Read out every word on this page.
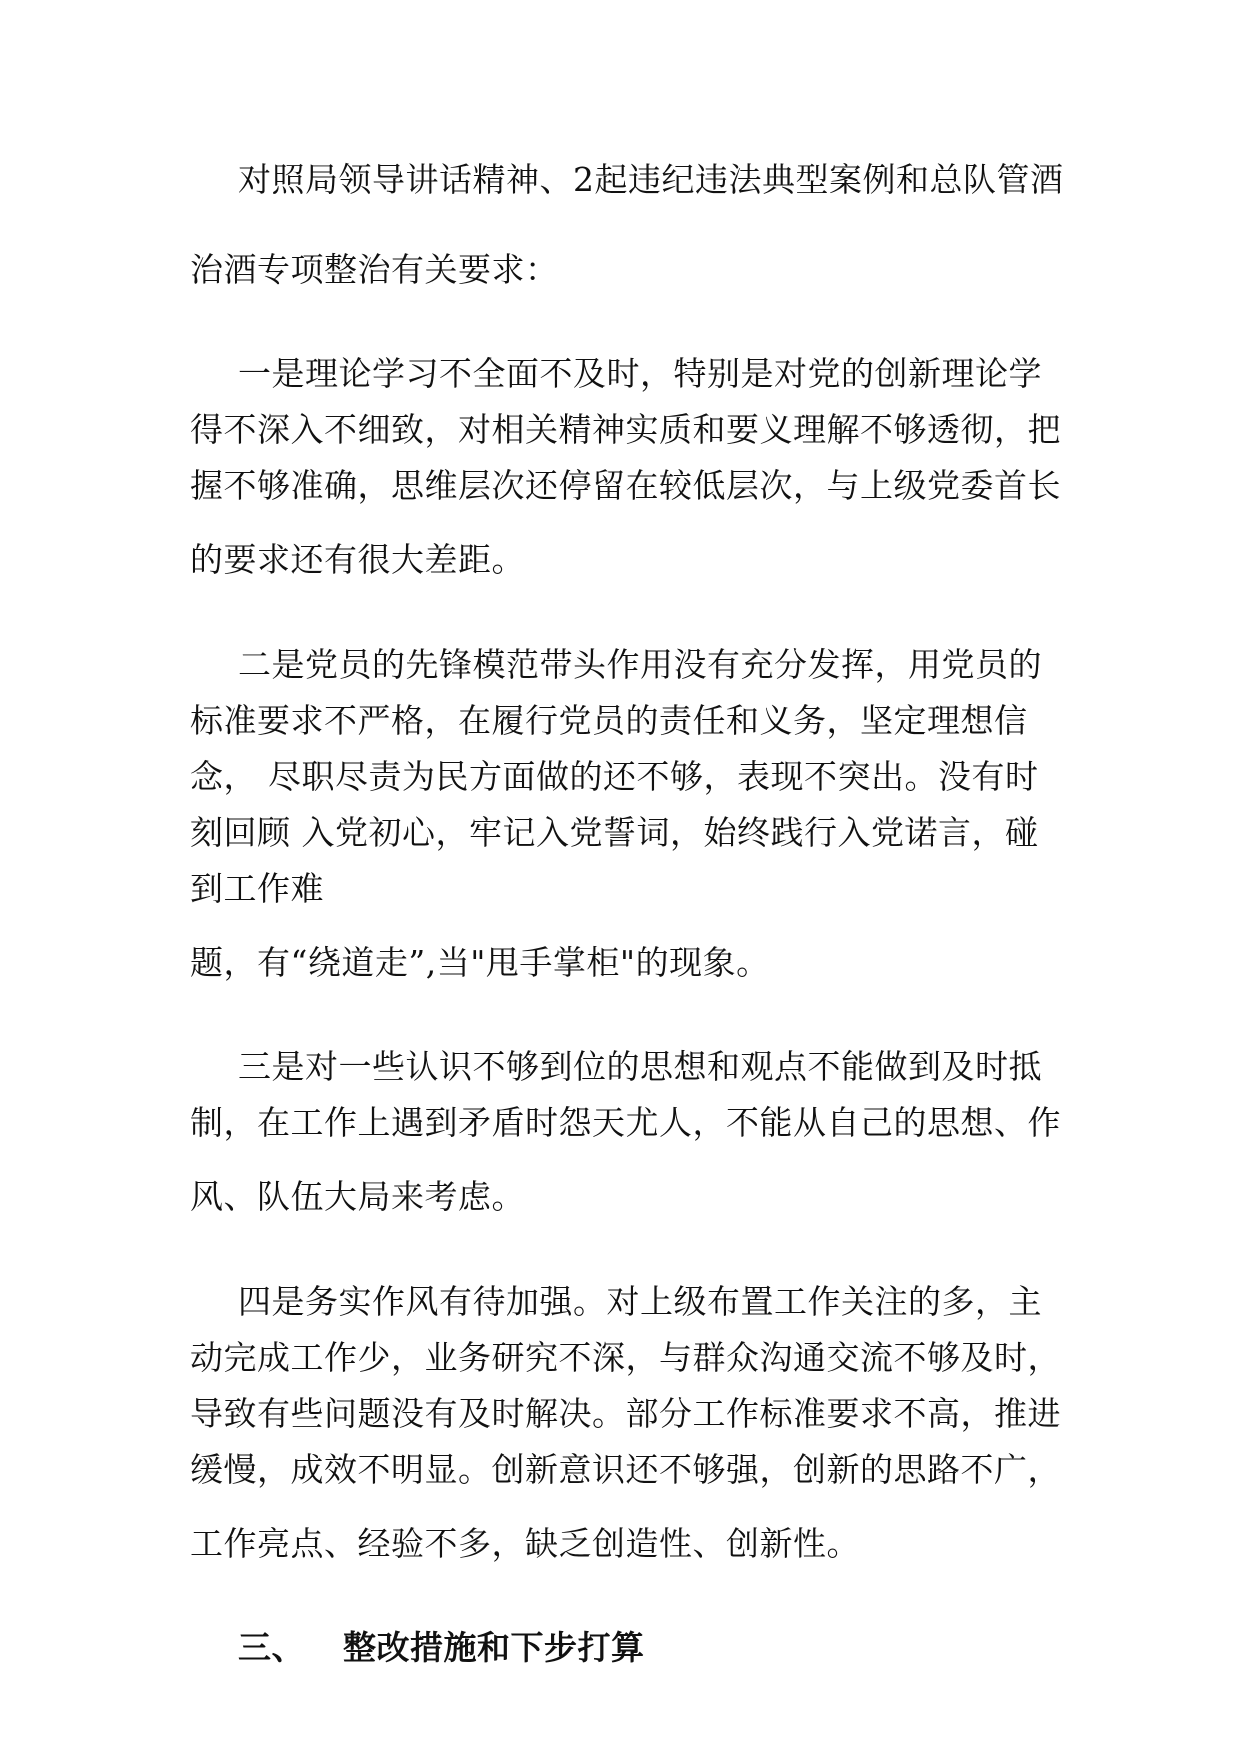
对照局领导讲话精神、2起违纪违法典型案例和总队管酒

治酒专项整治有关要求：

一是理论学习不全面不及时，特别是对党的创新理论学

得不深入不细致，对相关精神实质和要义理解不够透彻，把

握不够准确，思维层次还停留在较低层次，与上级党委首长

的要求还有很大差距。

二是党员的先锋模范带头作用没有充分发挥，用党员的

标准要求不严格，在履行党员的责任和义务，坚定理想信

念， 尽职尽责为民方面做的还不够，表现不突出。没有时

刻回顾 入党初心，牢记入党誓词，始终践行入党诺言，碰

到工作难

题，有“绕道走”,当"甩手掌柜"的现象。

三是对一些认识不够到位的思想和观点不能做到及时抵

制，在工作上遇到矛盾时怨天尤人，不能从自己的思想、作

风、队伍大局来考虑。

四是务实作风有待加强。对上级布置工作关注的多，主

动完成工作少，业务研究不深，与群众沟通交流不够及时，

导致有些问题没有及时解决。部分工作标准要求不高，推进

缓慢，成效不明显。创新意识还不够强，创新的思路不广，

工作亮点、经验不多，缺乏创造性、创新性。

三、 整改措施和下步打算
